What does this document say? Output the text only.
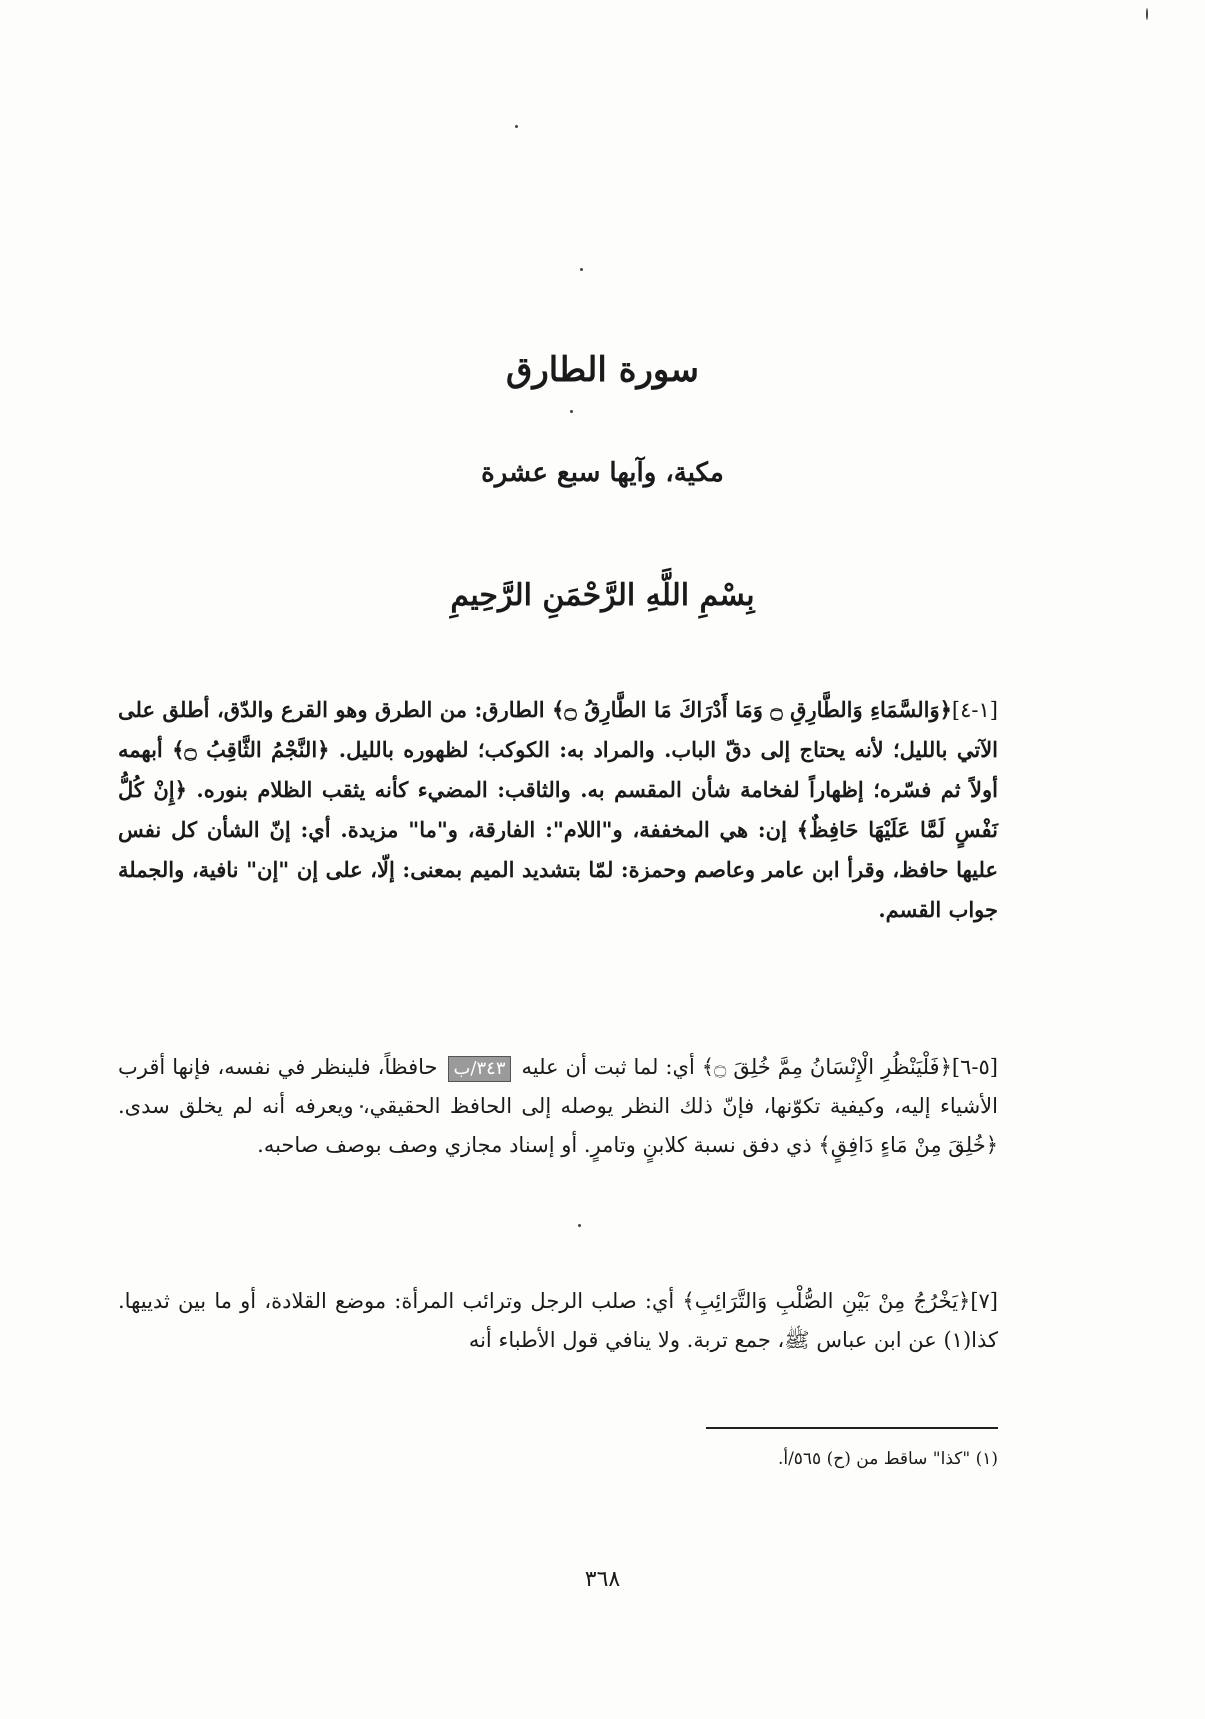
سورة الطارق
مكية، وآيها سبع عشرة
بِسْمِ اللَّهِ الرَّحْمَنِ الرَّحِيمِ
[١-٤]﴿وَالسَّمَاءِ وَالطَّارِقِ ۝ وَمَا أَدْرَاكَ مَا الطَّارِقُ ۝﴾ الطارق: من الطرق وهو القرع والدّق، أطلق على الآتي بالليل؛ لأنه يحتاج إلى دقّ الباب. والمراد به: الكوكب؛ لظهوره بالليل. ﴿النَّجْمُ الثَّاقِبُ ۝﴾ أبهمه أولاً ثم فسّره؛ إظهاراً لفخامة شأن المقسم به. والثاقب: المضيء كأنه يثقب الظلام بنوره. ﴿إِنْ كُلُّ نَفْسٍ لَمَّا عَلَيْهَا حَافِظٌ﴾ إن: هي المخففة، و"اللام": الفارقة، و"ما" مزيدة. أي: إنّ الشأن كل نفس عليها حافظ، وقرأ ابن عامر وعاصم وحمزة: لمّا بتشديد الميم بمعنى: إلّا، على إن "إن" نافية، والجملة جواب القسم.
[٥-٦]﴿فَلْيَنْظُرِ الْإِنْسَانُ مِمَّ خُلِقَ ۝﴾ أي: لما ثبت أن عليه ٣٤٣/ب حافظاً، فلينظر في نفسه، فإنها أقرب الأشياء إليه، وكيفية تكوّنها، فإنّ ذلك النظر يوصله إلى الحافظ الحقيقي، ويعرفه أنه لم يخلق سدى. ﴿خُلِقَ مِنْ مَاءٍ دَافِقٍ﴾ ذي دفق نسبة كلابنٍ وتامرٍ. أو إسناد مجازي وصف بوصف صاحبه.
[٧]﴿يَخْرُجُ مِنْ بَيْنِ الصُّلْبِ وَالتَّرَائِبِ﴾ أي: صلب الرجل وترائب المرأة: موضع القلادة، أو ما بين ثدييها. كذا(١) عن ابن عباس ﷺ، جمع تربة. ولا ينافي قول الأطباء أنه
(١) "كذا" ساقط من (ح) ٥٦٥/أ.
٣٦٨
